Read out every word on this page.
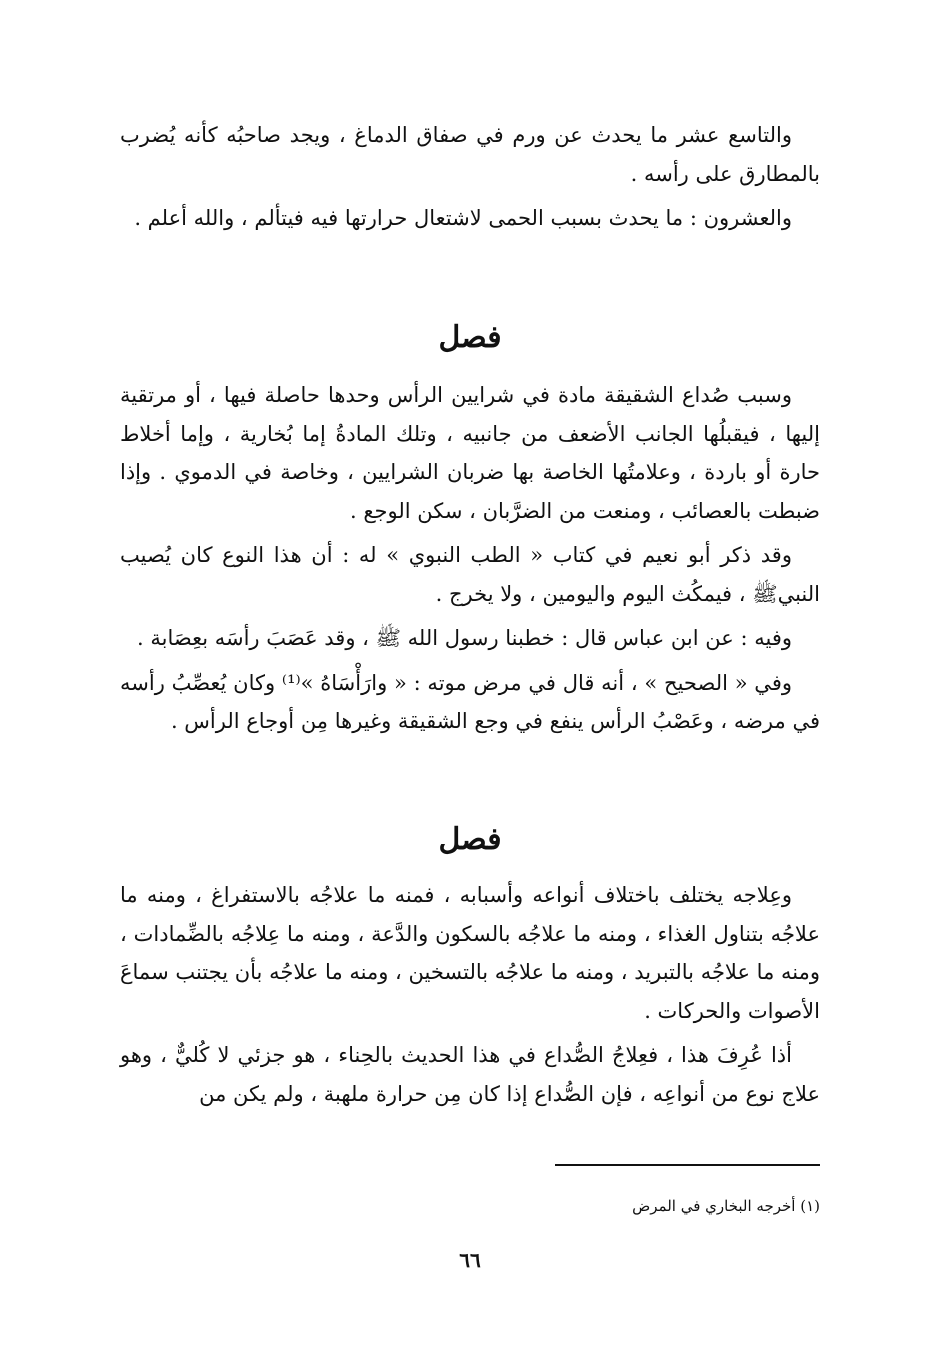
والتاسع عشر ما يحدث عن ورم في صفاق الدماغ ، ويجد صاحبُه كأنه يُضرب بالمطارق على رأسه .

والعشرون : ما يحدث بسبب الحمى لاشتعال حرارتها فيه فيتألم ، والله أعلم .

فصل

وسبب صُداع الشقيقة مادة في شرايين الرأس وحدها حاصلة فيها ، أو مرتقية إليها ، فيقبلُها الجانب الأضعف من جانبيه ، وتلك المادةُ إما بُخارية ، وإما أخلاط حارة أو باردة ، وعلامتُها الخاصة بها ضربان الشرايين ، وخاصة في الدموي . وإذا ضبطت بالعصائب ، ومنعت من الضرَّبان ، سكن الوجع .

وقد ذكر أبو نعيم في كتاب « الطب النبوي » له : أن هذا النوع كان يُصيب النبيﷺ ، فيمكُث اليوم واليومين ، ولا يخرج .

وفيه : عن ابن عباس قال : خطبنا رسول الله ﷺ ، وقد عَصَبَ رأسَه بعِصَابة .

وفي « الصحيح » ، أنه قال في مرض موته : « وارَأْسَاهُ »⁽¹⁾ وكان يُعصِّبُ رأسه في مرضه ، وعَصْبُ الرأس ينفع في وجع الشقيقة وغيرها مِن أوجاع الرأس .

فصل

وعِلاجه يختلف باختلاف أنواعه وأسبابه ، فمنه ما علاجُه بالاستفراغ ، ومنه ما علاجُه بتناول الغذاء ، ومنه ما علاجُه بالسكون والدَّعة ، ومنه ما عِلاجُه بالضِّمادات ، ومنه ما علاجُه بالتبريد ، ومنه ما علاجُه بالتسخين ، ومنه ما علاجُه بأن يجتنب سماعَ الأصوات والحركات .

أذا عُرِفَ هذا ، فعِلاجُ الصُّداع في هذا الحديث بالحِناء ، هو جزئي لا كُليٌّ ، وهو علاج نوع من أنواعِه ، فإن الصُّداع إذا كان مِن حرارة ملهبة ، ولم يكن من

(١) أخرجه البخاري في المرض
٦٦
